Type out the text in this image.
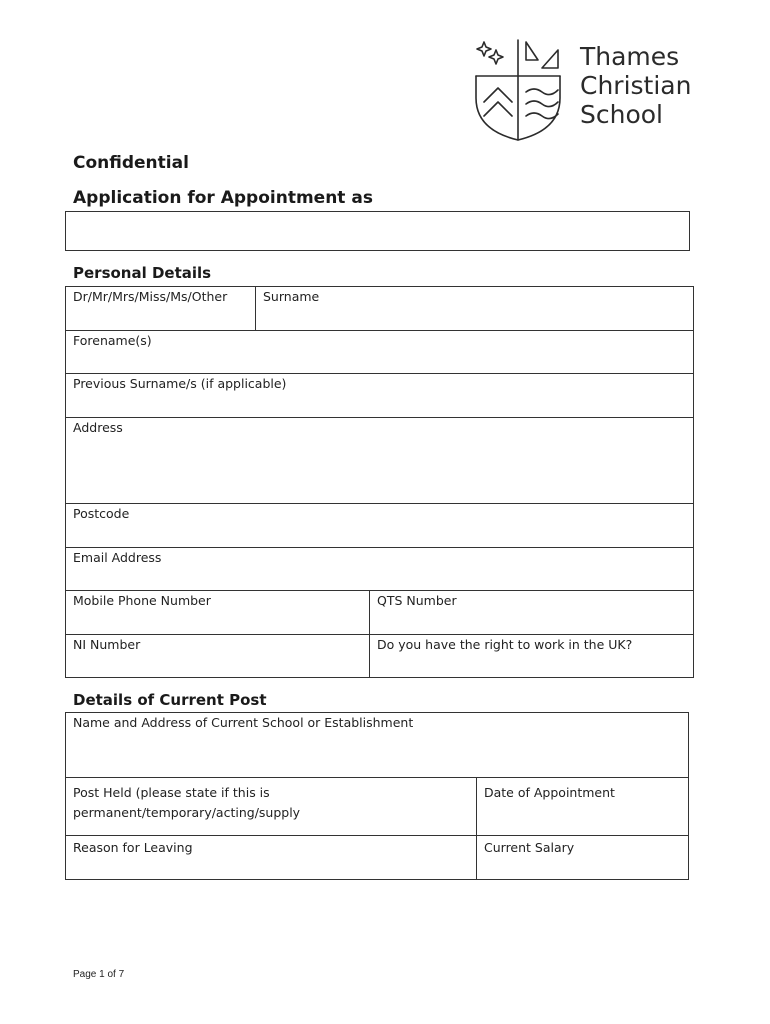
Thames
Christian
School
Confidential
Application for Appointment as
Personal Details
Dr/Mr/Mrs/Miss/Ms/Other	Surname	
Forename(s)		
Previous Surname/s (if applicable)		
Address		
Postcode		
Email Address		
Mobile Phone Number		QTS Number
NI Number		Do you have the right to work in the UK?
Details of Current Post
Name and Address of Current School or Establishment	

Post Held (please state if this is
permanent/temporary/acting/supply	Date of Appointment
Reason for Leaving	Current Salary
Page 1 of 7
